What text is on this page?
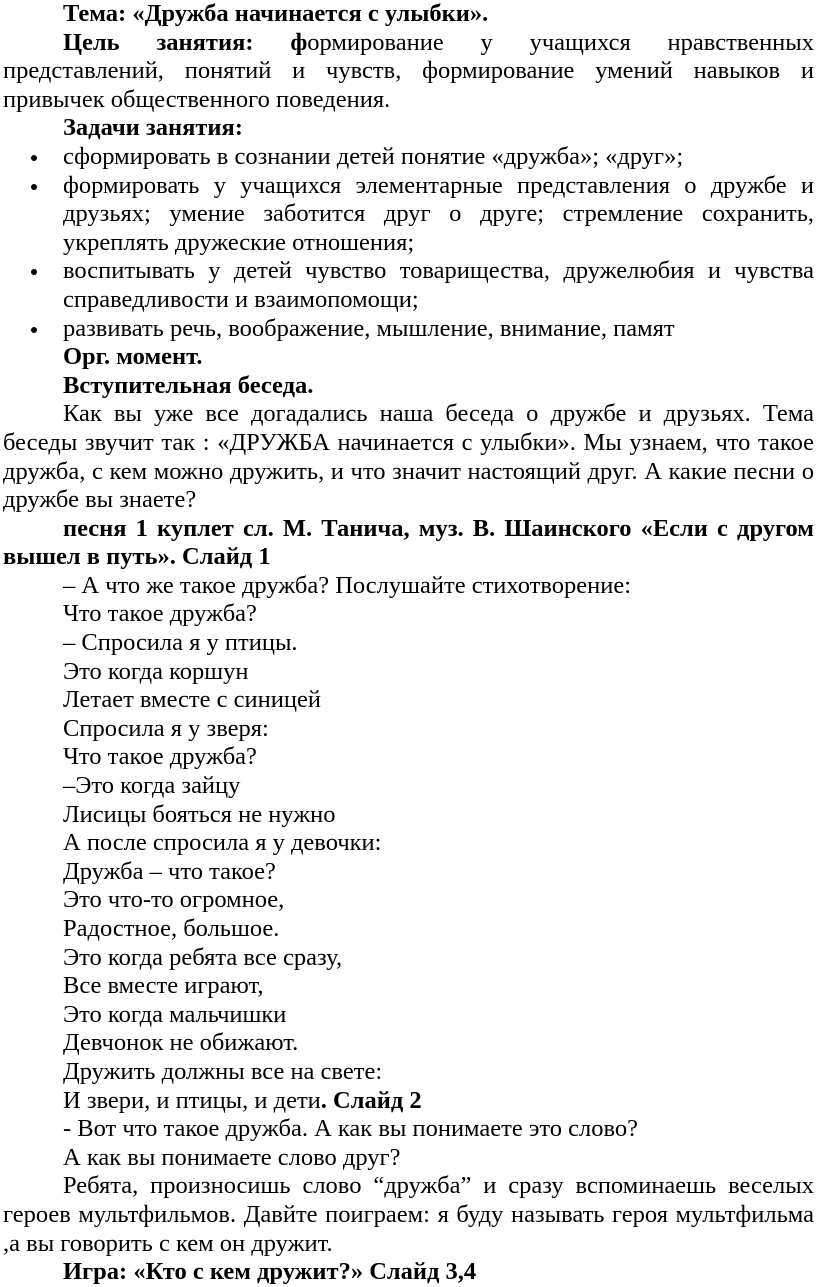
Тема: «Дружба начинается с улыбки».

Цель занятия: формирование у учащихся нравственных представлений, понятий и чувств, формирование умений навыков и привычек общественного поведения.

Задачи занятия:

сформировать в сознании детей понятие «дружба»; «друг»;
формировать у учащихся элементарные представления о дружбе и друзьях; умение заботится друг о друге; стремление сохранить, укреплять дружеские отношения;
воспитывать у детей чувство товарищества, дружелюбия и чувства справедливости и взаимопомощи;
развивать речь, воображение, мышление, внимание, памят

Орг. момент.

Вступительная беседа.

Как вы уже все догадались наша беседа о дружбе и друзьях. Тема беседы звучит так : «ДРУЖБА начинается с улыбки». Мы узнаем, что такое дружба, с кем можно дружить, и что значит настоящий друг. А какие песни о дружбе вы знаете?

песня 1 куплет сл. М. Танича, муз. В. Шаинского «Если с другом вышел в путь». Слайд 1

– А что же такое дружба? Послушайте стихотворение:
Что такое дружба?
– Спросила я у птицы.
Это когда коршун
Летает вместе с синицей
Спросила я у зверя:
Что такое дружба?
–Это когда зайцу
Лисицы бояться не нужно
А после спросила я у девочки:
Дружба – что такое?
Это что-то огромное,
Радостное, большое.
Это когда ребята все сразу,
Все вместе играют,
Это когда мальчишки
Девчонок не обижают.
Дружить должны все на свете:
И звери, и птицы, и дети. Слайд 2
- Вот что такое дружба. А как вы понимаете это слово?
А как вы понимаете слово друг?

Ребята, произносишь слово “дружба” и сразу вспоминаешь веселых героев мультфильмов. Давйте поиграем: я буду называть героя мультфильма ,а вы говорить с кем он дружит.

Игра: «Кто с кем дружит?» Слайд 3,4
